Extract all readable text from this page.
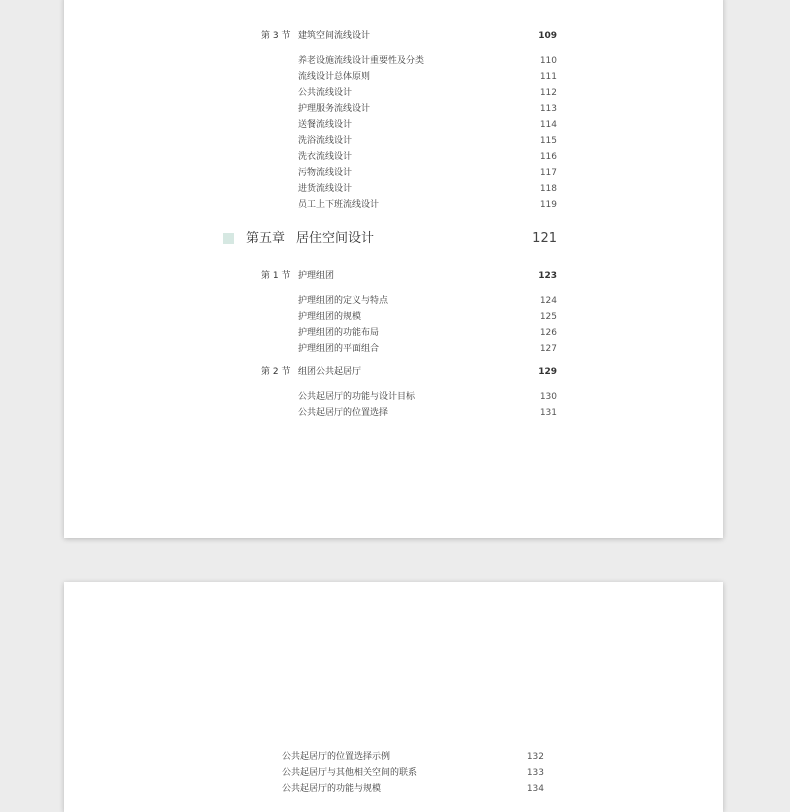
第 3 节 建筑空间流线设计	109
养老设施流线设计重要性及分类	110
流线设计总体原则	111
公共流线设计	112
护理服务流线设计	113
送餐流线设计	114
洗浴流线设计	115
洗衣流线设计	116
污物流线设计	117
进货流线设计	118
员工上下班流线设计	119
第五章 居住空间设计	121
第 1 节 护理组团	123
护理组团的定义与特点	124
护理组团的规模	125
护理组团的功能布局	126
护理组团的平面组合	127
第 2 节 组团公共起居厅	129
公共起居厅的功能与设计目标	130
公共起居厅的位置选择	131
公共起居厅的位置选择示例	132
公共起居厅与其他相关空间的联系	133
公共起居厅的功能与规模	134
